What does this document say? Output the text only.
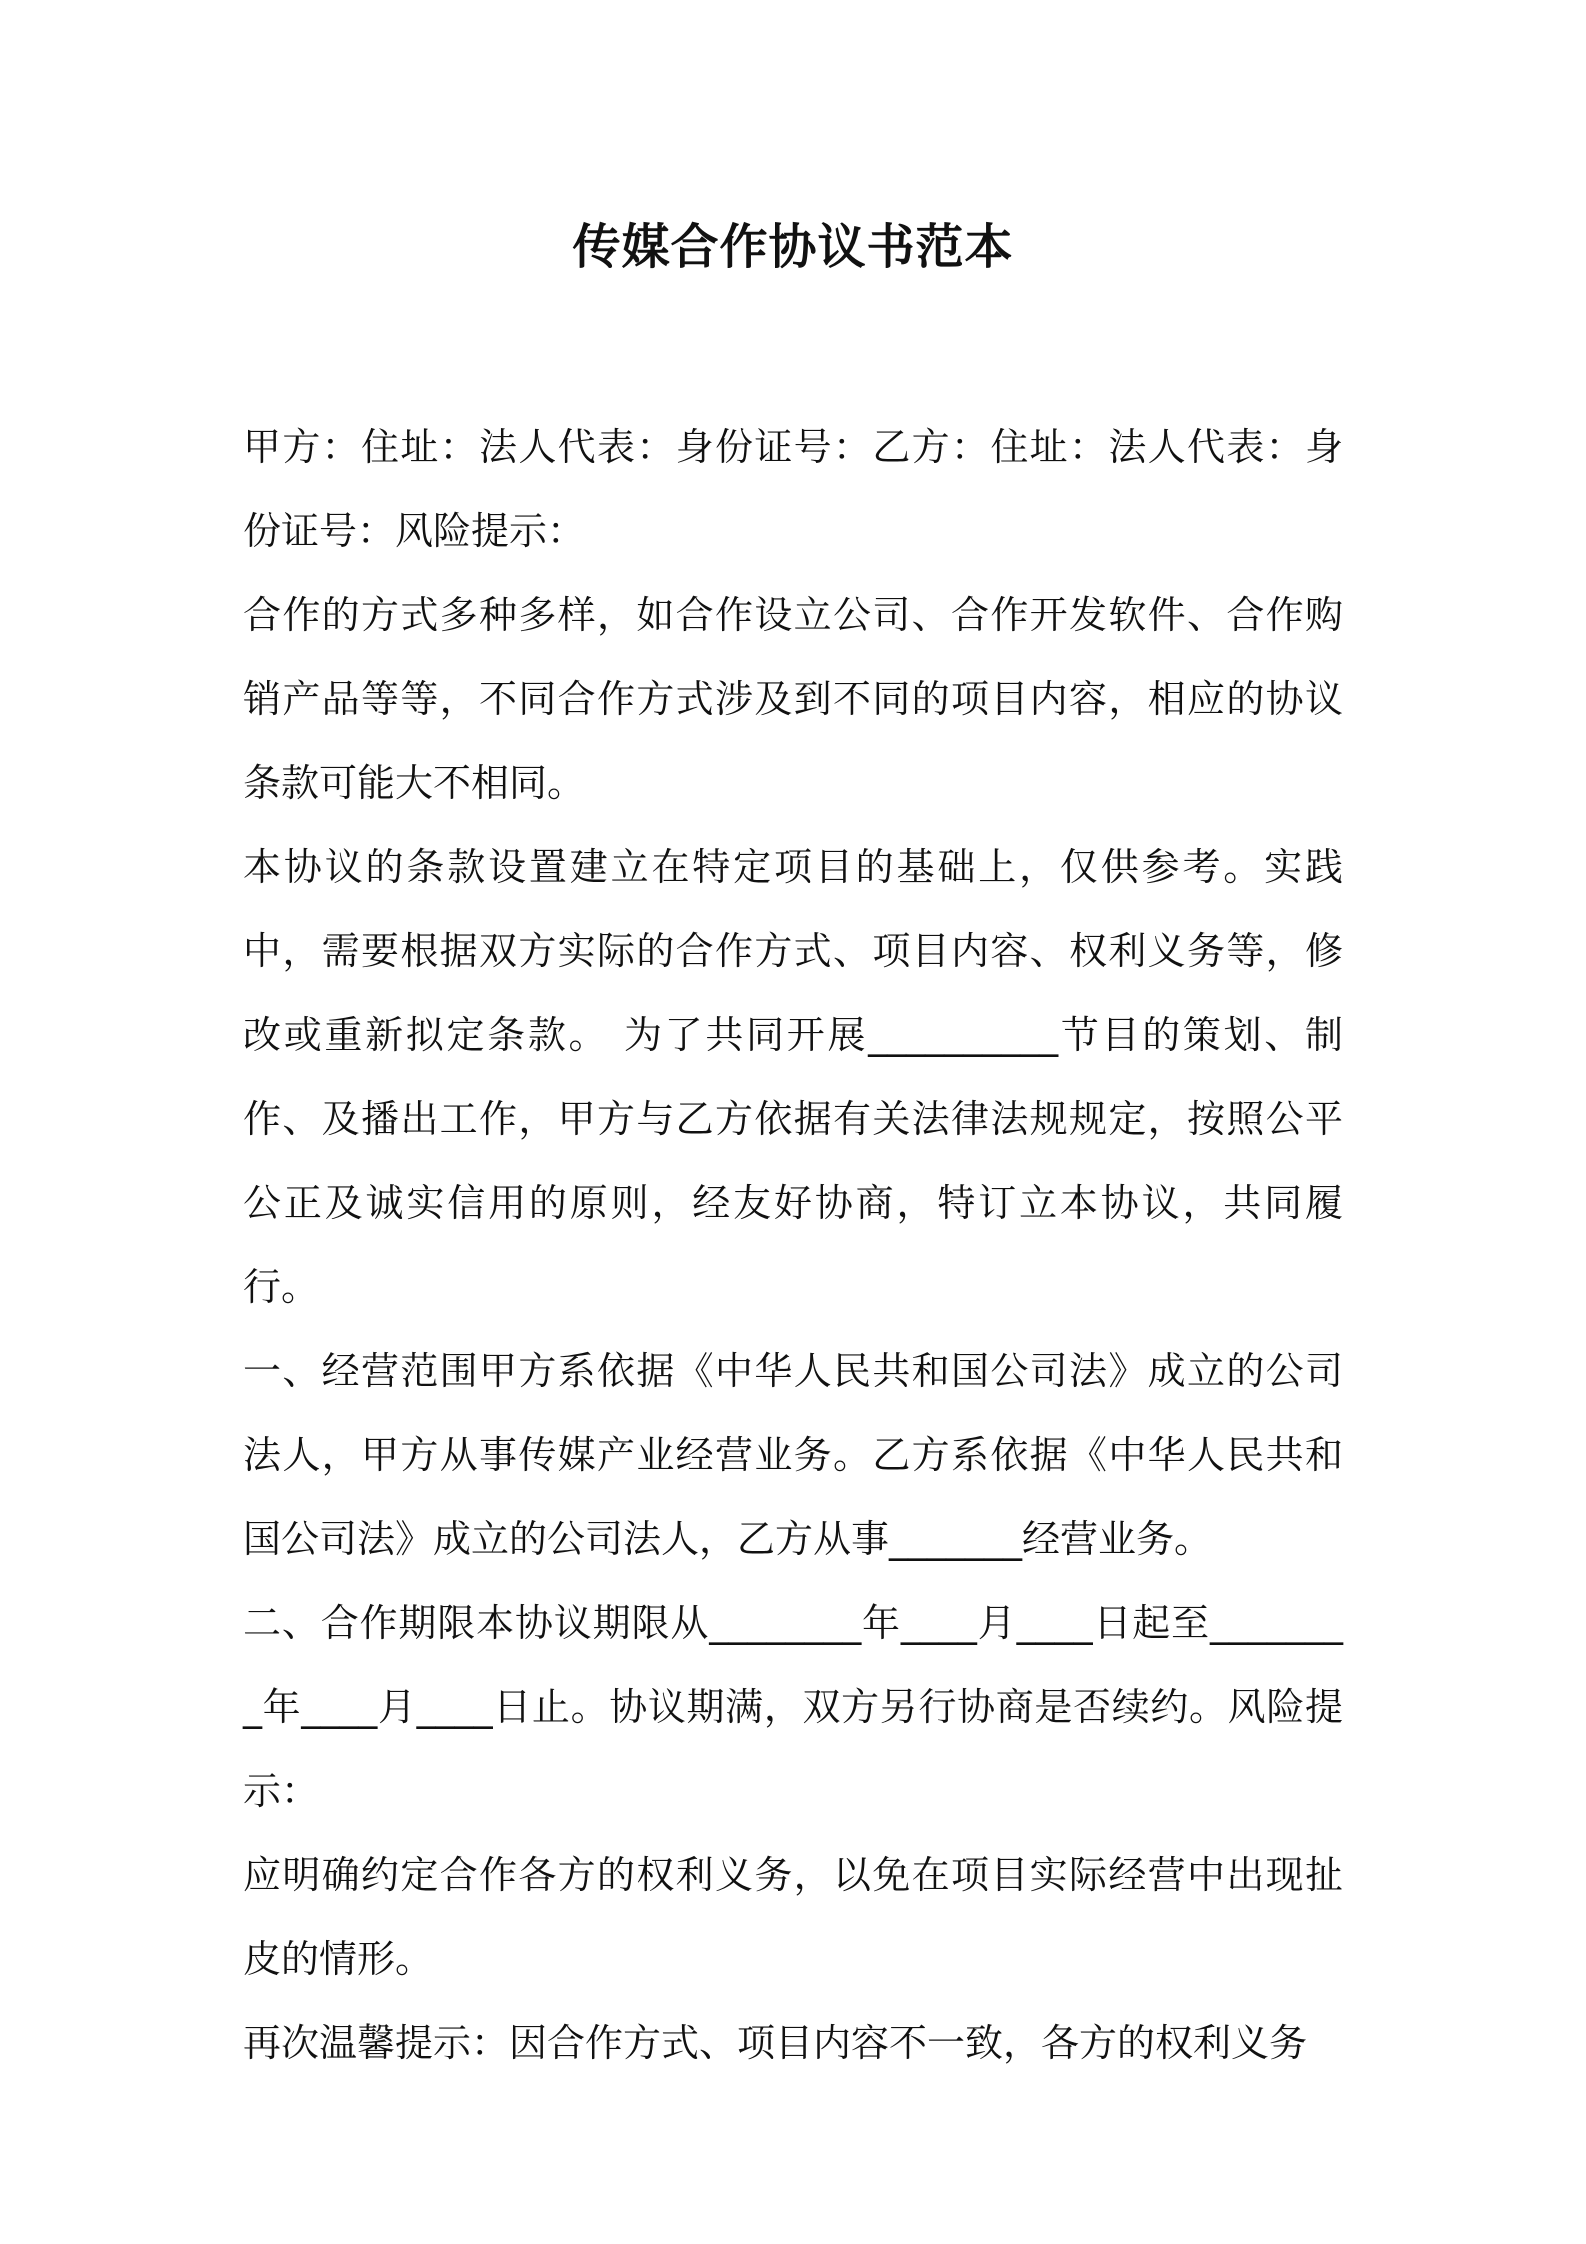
传媒合作协议书范本

甲方：住址：法人代表：身份证号：乙方：住址：法人代表：身份证号：风险提示：

合作的方式多种多样，如合作设立公司、合作开发软件、合作购销产品等等，不同合作方式涉及到不同的项目内容，相应的协议条款可能大不相同。

本协议的条款设置建立在特定项目的基础上，仅供参考。实践中，需要根据双方实际的合作方式、项目内容、权利义务等，修改或重新拟定条款。 为了共同开展__________节目的策划、制作、及播出工作，甲方与乙方依据有关法律法规规定，按照公平公正及诚实信用的原则，经友好协商，特订立本协议，共同履行。

一、经营范围甲方系依据《中华人民共和国公司法》成立的公司法人，甲方从事传媒产业经营业务。乙方系依据《中华人民共和国公司法》成立的公司法人，乙方从事_______经营业务。

二、合作期限本协议期限从________年____月____日起至________年____月____日止。协议期满，双方另行协商是否续约。风险提示：

应明确约定合作各方的权利义务，以免在项目实际经营中出现扯皮的情形。

再次温馨提示：因合作方式、项目内容不一致，各方的权利义务
